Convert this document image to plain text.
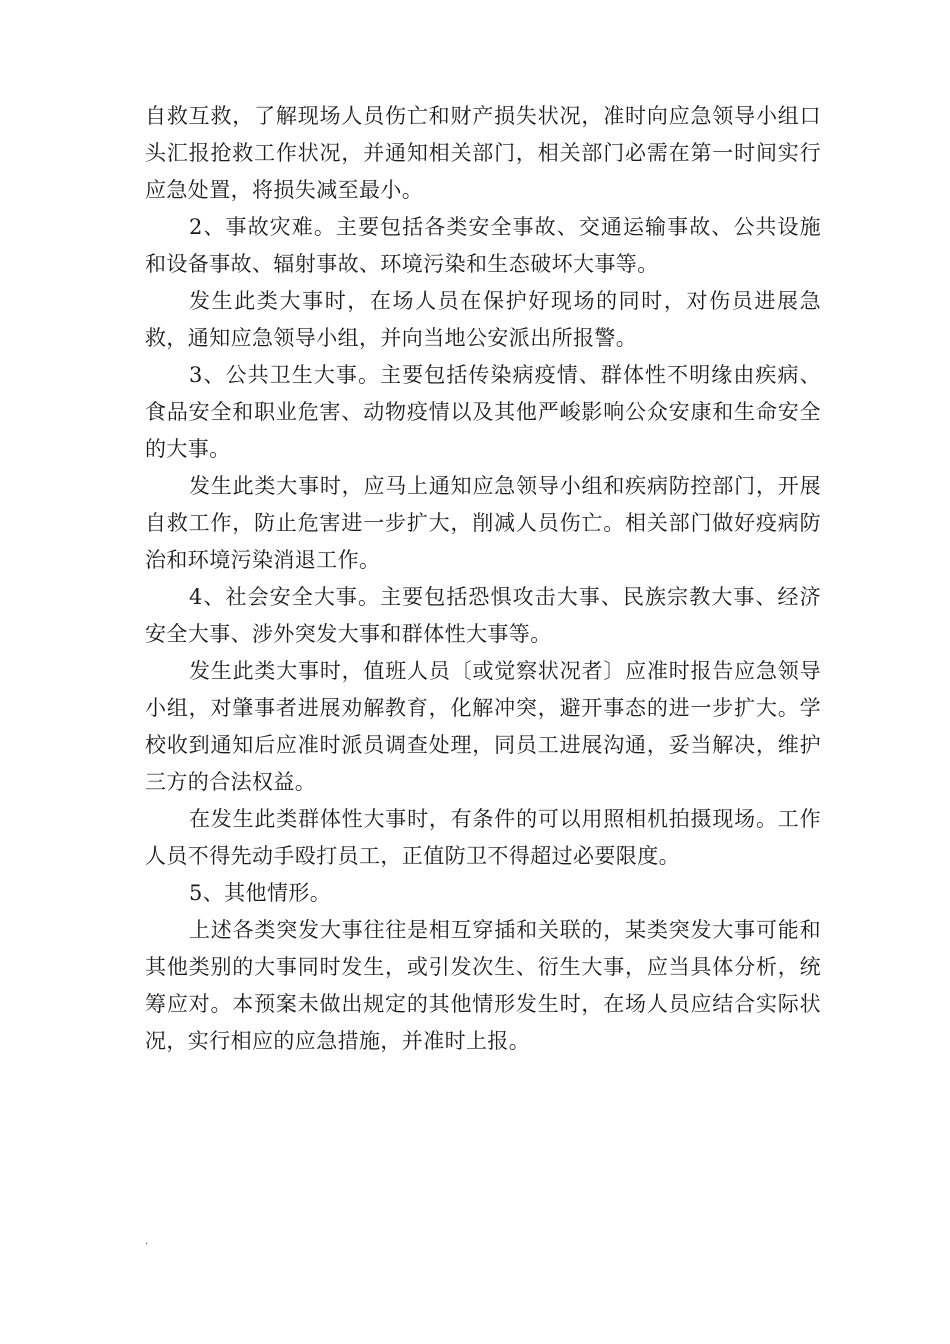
自救互救，了解现场人员伤亡和财产损失状况，准时向应急领导小组口头汇报抢救工作状况，并通知相关部门，相关部门必需在第一时间实行应急处置，将损失减至最小。

2、事故灾难。主要包括各类安全事故、交通运输事故、公共设施和设备事故、辐射事故、环境污染和生态破坏大事等。

发生此类大事时，在场人员在保护好现场的同时，对伤员进展急救，通知应急领导小组，并向当地公安派出所报警。

3、公共卫生大事。主要包括传染病疫情、群体性不明缘由疾病、食品安全和职业危害、动物疫情以及其他严峻影响公众安康和生命安全的大事。

发生此类大事时，应马上通知应急领导小组和疾病防控部门，开展自救工作，防止危害进一步扩大，削减人员伤亡。相关部门做好疫病防治和环境污染消退工作。

4、社会安全大事。主要包括恐惧攻击大事、民族宗教大事、经济安全大事、涉外突发大事和群体性大事等。

发生此类大事时，值班人员〔或觉察状况者〕应准时报告应急领导小组，对肇事者进展劝解教育，化解冲突，避开事态的进一步扩大。学校收到通知后应准时派员调查处理，同员工进展沟通，妥当解决，维护三方的合法权益。

在发生此类群体性大事时，有条件的可以用照相机拍摄现场。工作人员不得先动手殴打员工，正值防卫不得超过必要限度。

5、其他情形。

上述各类突发大事往往是相互穿插和关联的，某类突发大事可能和其他类别的大事同时发生，或引发次生、衍生大事，应当具体分析，统筹应对。本预案未做出规定的其他情形发生时，在场人员应结合实际状况，实行相应的应急措施，并准时上报。

.
